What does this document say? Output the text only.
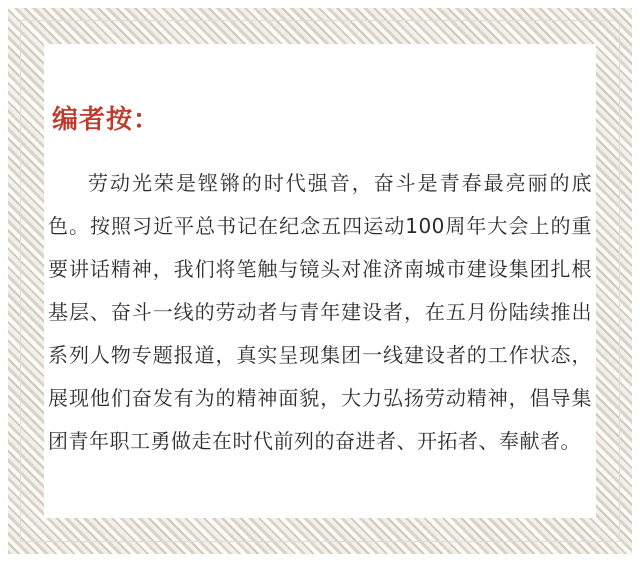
编者按：

劳动光荣是铿锵的时代强音，奋斗是青春最亮丽的底色。按照习近平总书记在纪念五四运动100周年大会上的重要讲话精神，我们将笔触与镜头对准济南城市建设集团扎根基层、奋斗一线的劳动者与青年建设者，在五月份陆续推出系列人物专题报道，真实呈现集团一线建设者的工作状态，展现他们奋发有为的精神面貌，大力弘扬劳动精神，倡导集团青年职工勇做走在时代前列的奋进者、开拓者、奉献者。
